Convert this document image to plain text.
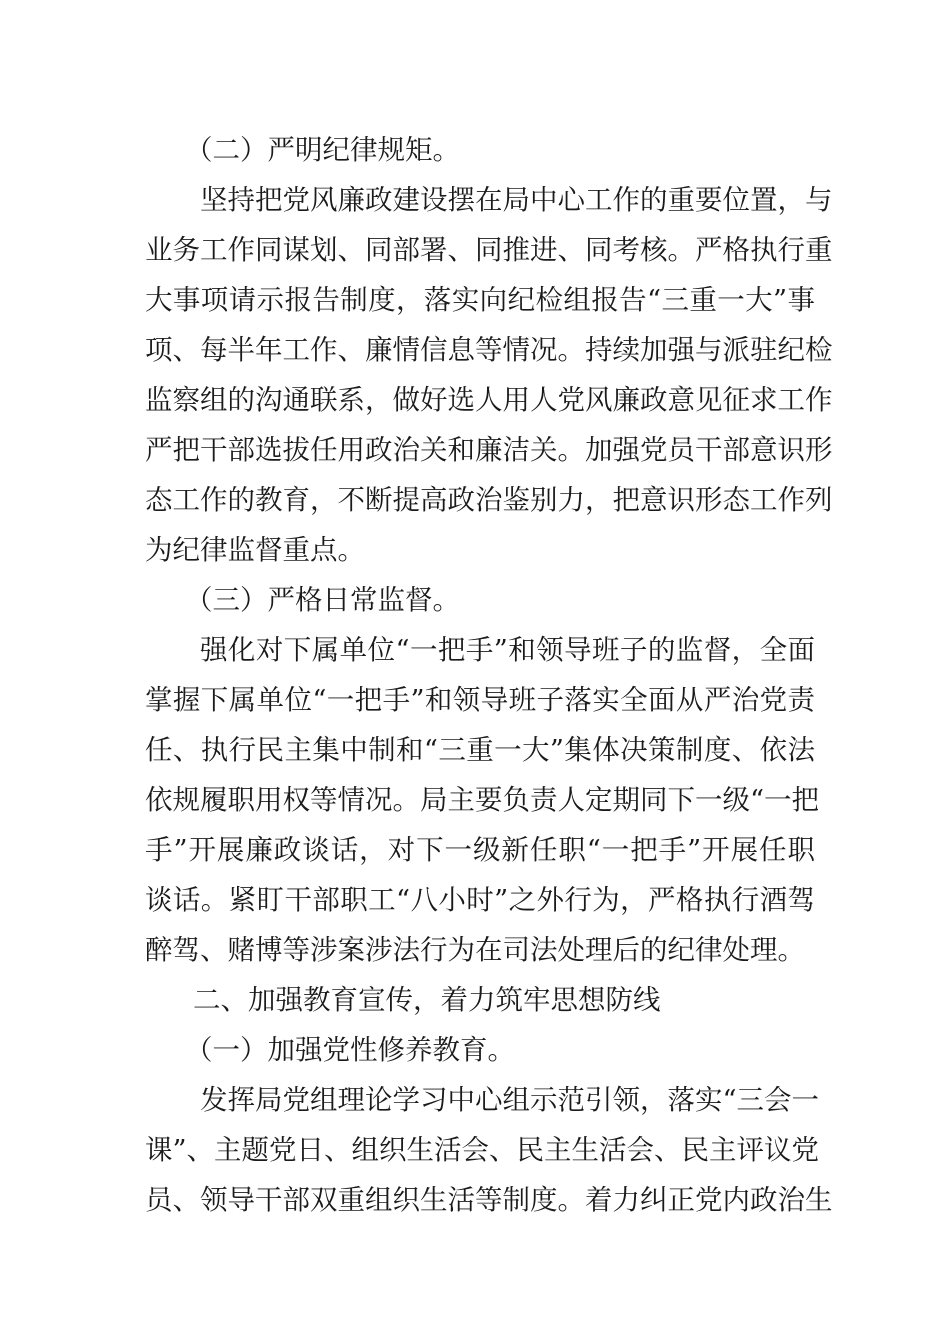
（二）严明纪律规矩。
坚持把党风廉政建设摆在局中心工作的重要位置，与
业务工作同谋划、同部署、同推进、同考核。严格执行重
大事项请示报告制度，落实向纪检组报告“三重一大”事
项、每半年工作、廉情信息等情况。持续加强与派驻纪检
监察组的沟通联系，做好选人用人党风廉政意见征求工作
严把干部选拔任用政治关和廉洁关。加强党员干部意识形
态工作的教育，不断提高政治鉴别力，把意识形态工作列
为纪律监督重点。
（三）严格日常监督。
强化对下属单位“一把手”和领导班子的监督，全面
掌握下属单位“一把手”和领导班子落实全面从严治党责
任、执行民主集中制和“三重一大”集体决策制度、依法
依规履职用权等情况。局主要负责人定期同下一级“一把
手”开展廉政谈话，对下一级新任职“一把手”开展任职
谈话。紧盯干部职工“八小时”之外行为，严格执行酒驾
醉驾、赌博等涉案涉法行为在司法处理后的纪律处理。
二、加强教育宣传，着力筑牢思想防线
（一）加强党性修养教育。
发挥局党组理论学习中心组示范引领，落实“三会一
课”、主题党日、组织生活会、民主生活会、民主评议党
员、领导干部双重组织生活等制度。着力纠正党内政治生
